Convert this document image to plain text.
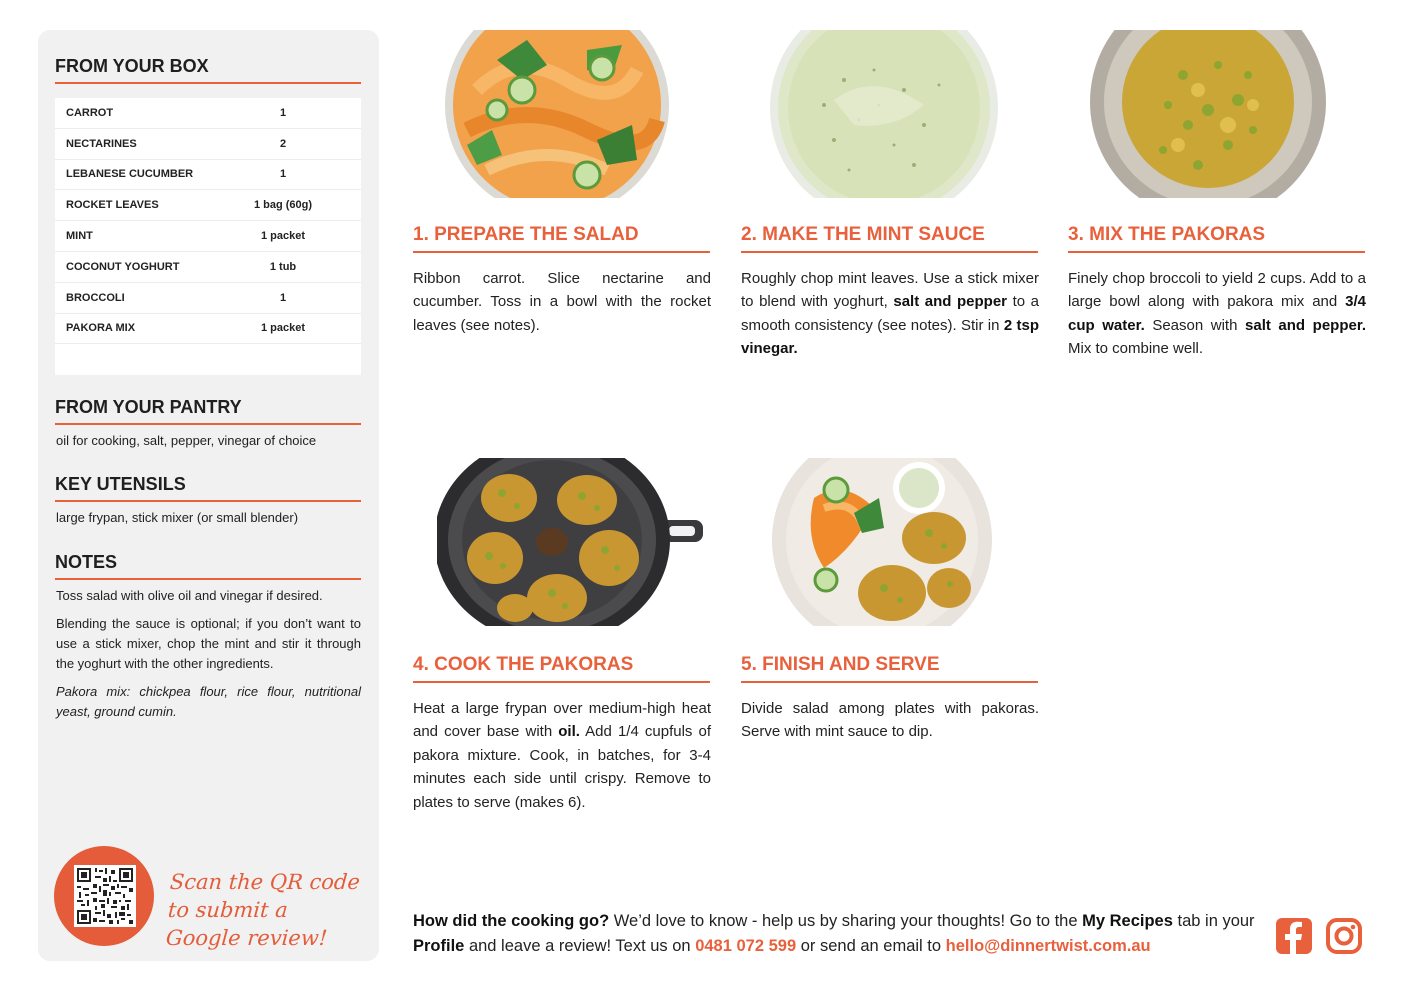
FROM YOUR BOX
CARROT	1
NECTARINES	2
LEBANESE CUCUMBER	1
ROCKET LEAVES	1 bag (60g)
MINT	1 packet
COCONUT YOGHURT	1 tub
BROCCOLI	1
PAKORA MIX	1 packet
FROM YOUR PANTRY
oil for cooking, salt, pepper, vinegar of choice
KEY UTENSILS
large frypan, stick mixer (or small blender)
NOTES
Toss salad with olive oil and vinegar if desired.
Blending the sauce is optional; if you don’t want to use a stick mixer, chop the mint and stir it through the yoghurt with the other ingredients.
Pakora mix: chickpea flour, rice flour, nutritional yeast, ground cumin.
Scan the QR code to submit a Google review!
1. PREPARE THE SALAD
Ribbon carrot. Slice nectarine and cucumber. Toss in a bowl with the rocket leaves (see notes).
2. MAKE THE MINT SAUCE
Roughly chop mint leaves. Use a stick mixer to blend with yoghurt, salt and pepper to a smooth consistency (see notes). Stir in 2 tsp vinegar.
3. MIX THE PAKORAS
Finely chop broccoli to yield 2 cups. Add to a large bowl along with pakora mix and 3/4 cup water. Season with salt and pepper. Mix to combine well.
4. COOK THE PAKORAS
Heat a large frypan over medium-high heat and cover base with oil. Add 1/4 cupfuls of pakora mixture. Cook, in batches, for 3-4 minutes each side until crispy. Remove to plates to serve (makes 6).
5. FINISH AND SERVE
Divide salad among plates with pakoras. Serve with mint sauce to dip.
How did the cooking go? We’d love to know - help us by sharing your thoughts! Go to the My Recipes tab in your Profile and leave a review! Text us on 0481 072 599 or send an email to hello@dinnertwist.com.au
